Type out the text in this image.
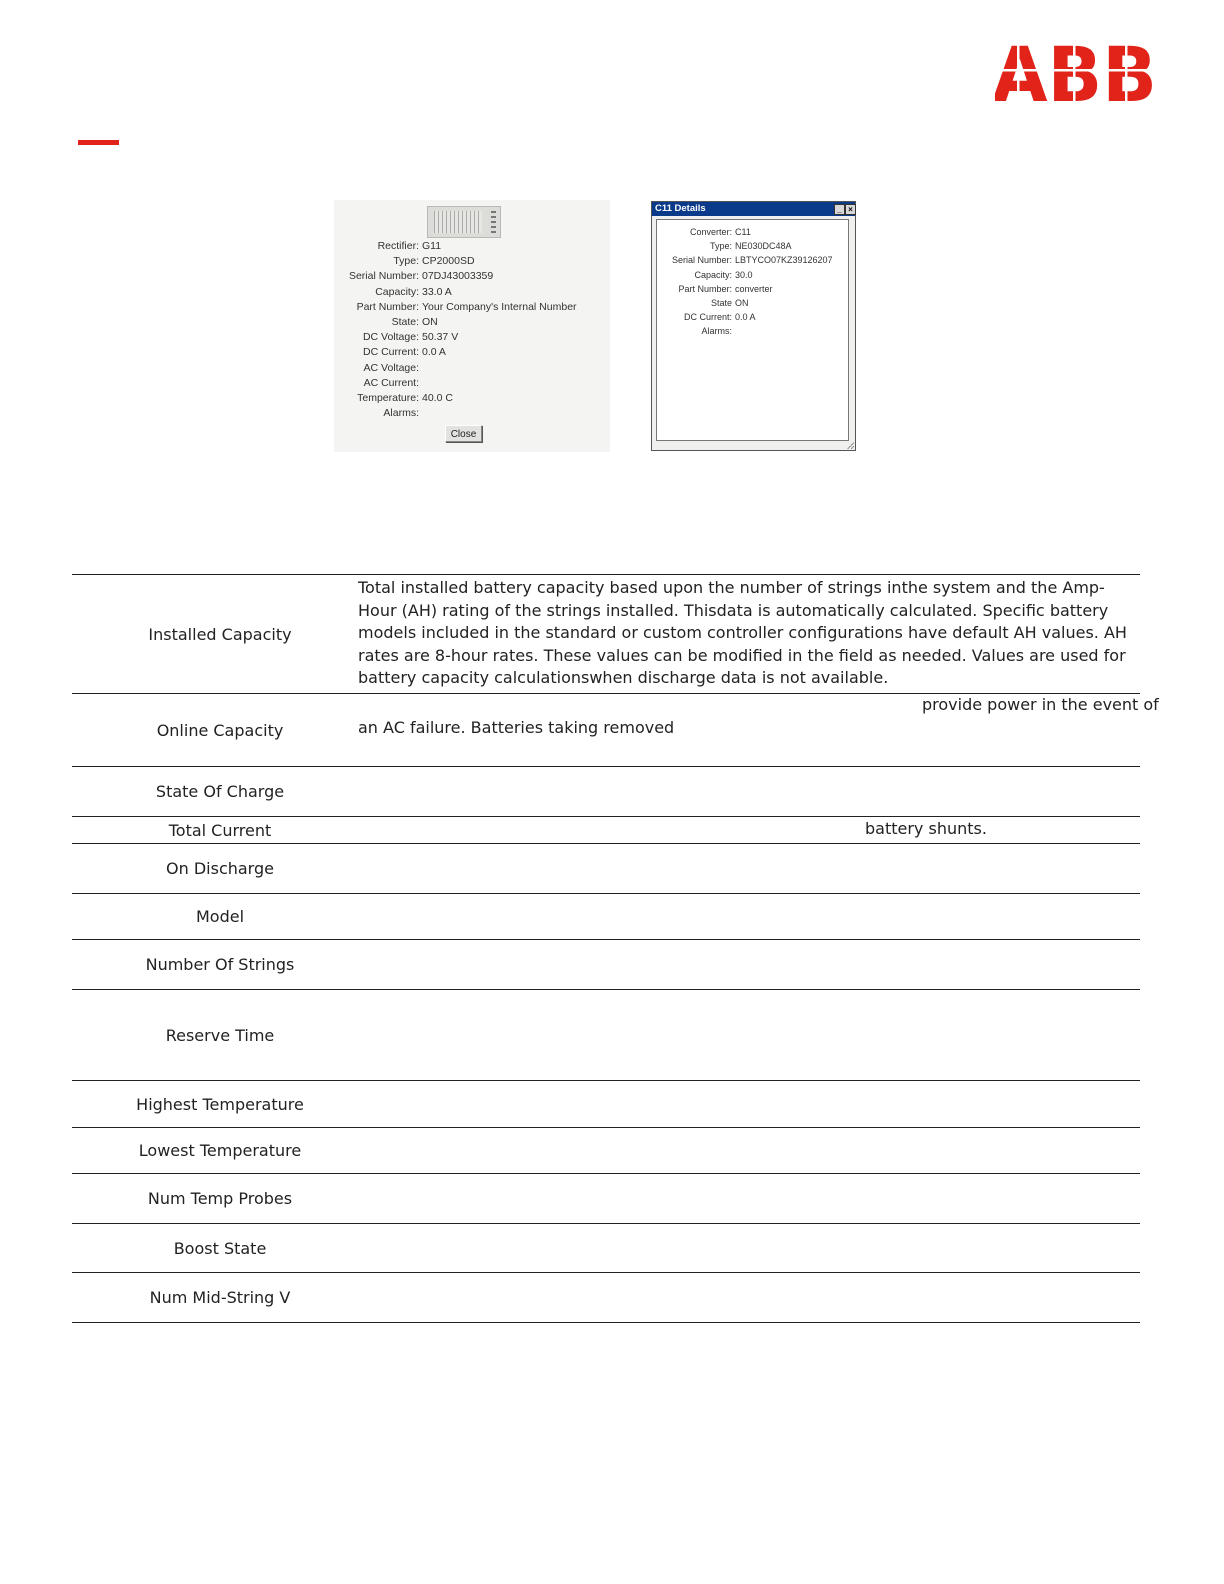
Rectifier: G11
Type: CP2000SD
Serial Number: 07DJ43003359
Capacity: 33.0 A
Part Number: Your Company's Internal Number
State: ON
DC Voltage: 50.37 V
DC Current: 0.0 A
AC Voltage:
AC Current:
Temperature: 40.0 C
Alarms:
Close
C11 Details	_ ×
Converter: C11
Type: NE030DC48A
Serial Number: LBTYCO07KZ39126207
Capacity: 30.0
Part Number: converter
State ON
DC Current: 0.0 A
Alarms:
Installed Capacity
Total installed battery capacity based upon the number of strings inthe system and the Amp-Hour (AH) rating of the strings installed. Thisdata is automatically calculated. Specific battery models included in the standard or custom controller configurations have default AH values. AH rates are 8-hour rates. These values can be modified in the field as needed. Values are used for battery capacity calculationswhen discharge data is not available.
Online Capacity
provide power in the event of
an AC failure. Batteries taking removed
State Of Charge
Total Current	battery shunts.
On Discharge
Model
Number Of Strings
Reserve Time
Highest Temperature
Lowest Temperature
Num Temp Probes
Boost State
Num Mid-String V
